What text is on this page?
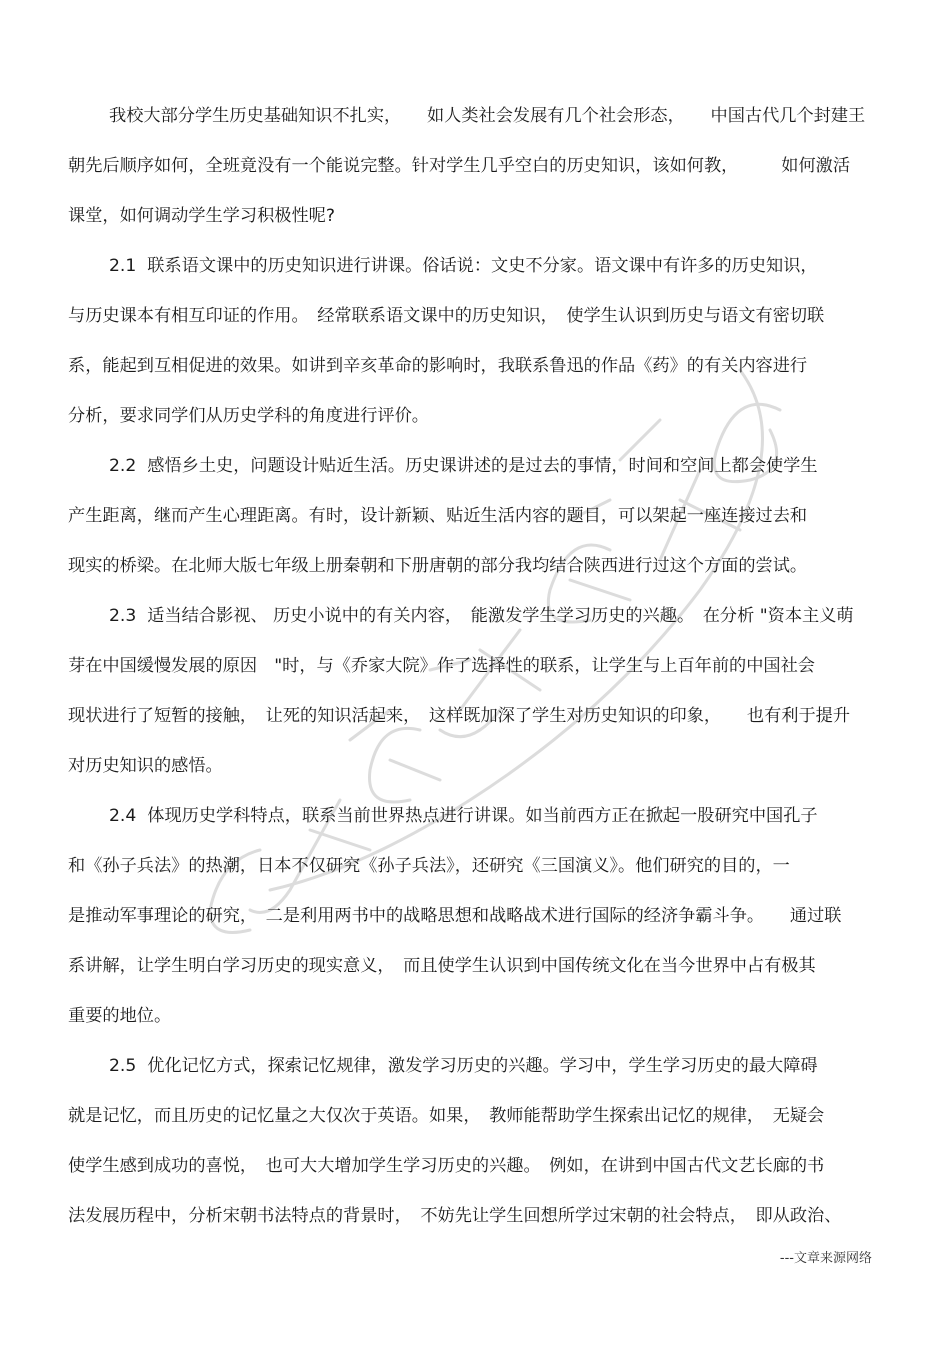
我校大部分学生历史基础知识不扎实，　　如人类社会发展有几个社会形态，　　中国古代几个封建王
朝先后顺序如何，全班竟没有一个能说完整。针对学生几乎空白的历史知识，该如何教，　　　如何激活
课堂，如何调动学生学习积极性呢?
2.1  联系语文课中的历史知识进行讲课。俗话说：文史不分家。语文课中有许多的历史知识，
与历史课本有相互印证的作用。　经常联系语文课中的历史知识，　使学生认识到历史与语文有密切联
系，能起到互相促进的效果。如讲到辛亥革命的影响时，我联系鲁迅的作品《药》的有关内容进行
分析，要求同学们从历史学科的角度进行评价。
2.2  感悟乡土史，问题设计贴近生活。历史课讲述的是过去的事情，时间和空间上都会使学生
产生距离，继而产生心理距离。有时，设计新颖、贴近生活内容的题目，可以架起一座连接过去和
现实的桥梁。在北师大版七年级上册秦朝和下册唐朝的部分我均结合陕西进行过这个方面的尝试。
2.3  适当结合影视、 历史小说中的有关内容，　能激发学生学习历史的兴趣。　在分析 "资本主义萌
芽在中国缓慢发展的原因　"时，与《乔家大院》作了选择性的联系，让学生与上百年前的中国社会
现状进行了短暂的接触，　让死的知识活起来，　这样既加深了学生对历史知识的印象，　　也有利于提升
对历史知识的感悟。
2.4  体现历史学科特点，联系当前世界热点进行讲课。如当前西方正在掀起一股研究中国孔子
和《孙子兵法》的热潮，日本不仅研究《孙子兵法》，还研究《三国演义》。他们研究的目的，一
是推动军事理论的研究，　二是利用两书中的战略思想和战略战术进行国际的经济争霸斗争。　　通过联
系讲解，让学生明白学习历史的现实意义，　而且使学生认识到中国传统文化在当今世界中占有极其
重要的地位。
2.5  优化记忆方式，探索记忆规律，激发学习历史的兴趣。学习中，学生学习历史的最大障碍
就是记忆，而且历史的记忆量之大仅次于英语。如果，　教师能帮助学生探索出记忆的规律，　无疑会
使学生感到成功的喜悦，　也可大大增加学生学习历史的兴趣。　例如，在讲到中国古代文艺长廊的书
法发展历程中，分析宋朝书法特点的背景时，　不妨先让学生回想所学过宋朝的社会特点，　即从政治、
---文章来源网络
